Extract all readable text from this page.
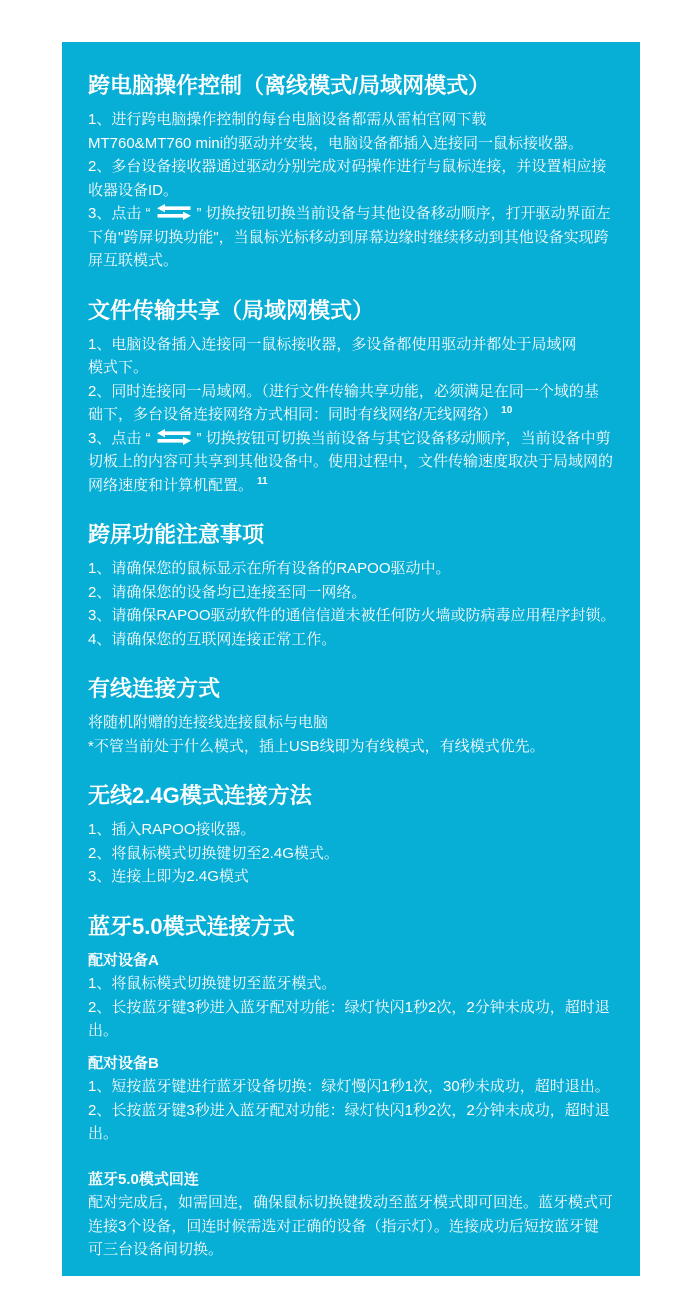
跨电脑操作控制（离线模式/局域网模式）
1、进行跨电脑操作控制的每台电脑设备都需从雷柏官网下载
MT760&MT760 mini的驱动并安装，电脑设备都插入连接同一鼠标接收器。
2、多台设备接收器通过驱动分别完成对码操作进行与鼠标连接，并设置相应接
收器设备ID。
3、点击 “	” 切换按钮切换当前设备与其他设备移动顺序，打开驱动界面左
下角"跨屏切换功能"，当鼠标光标移动到屏幕边缘时继续移动到其他设备实现跨
屏互联模式。
文件传输共享（局域网模式）
1、电脑设备插入连接同一鼠标接收器，多设备都使用驱动并都处于局域网
模式下。
2、同时连接同一局域网。（进行文件传输共享功能，必须满足在同一个域的基
础下，多台设备连接网络方式相同：同时有线网络/无线网络） $^{10}$
3、点击 “	” 切换按钮可切换当前设备与其它设备移动顺序，当前设备中剪
切板上的内容可共享到其他设备中。使用过程中，文件传输速度取决于局域网的
网络速度和计算机配置。 $^{11}$
跨屏功能注意事项
1、请确保您的鼠标显示在所有设备的RAPOO驱动中。
2、请确保您的设备均已连接至同一网络。
3、请确保RAPOO驱动软件的通信信道未被任何防火墙或防病毒应用程序封锁。
4、请确保您的互联网连接正常工作。
有线连接方式
将随机附赠的连接线连接鼠标与电脑
*不管当前处于什么模式，插上USB线即为有线模式，有线模式优先。
无线2.4G模式连接方法
1、插入RAPOO接收器。
2、将鼠标模式切换键切至2.4G模式。
3、连接上即为2.4G模式
蓝牙5.0模式连接方式
配对设备A
1、将鼠标模式切换键切至蓝牙模式。
2、长按蓝牙键3秒进入蓝牙配对功能：绿灯快闪1秒2次，2分钟未成功，超时退
出。
配对设备B
1、短按蓝牙键进行蓝牙设备切换：绿灯慢闪1秒1次，30秒未成功，超时退出。
2、长按蓝牙键3秒进入蓝牙配对功能：绿灯快闪1秒2次，2分钟未成功，超时退
出。
蓝牙5.0模式回连
配对完成后，如需回连，确保鼠标切换键拨动至蓝牙模式即可回连。蓝牙模式可
连接3个设备，回连时候需选对正确的设备（指示灯）。连接成功后短按蓝牙键
可三台设备间切换。
